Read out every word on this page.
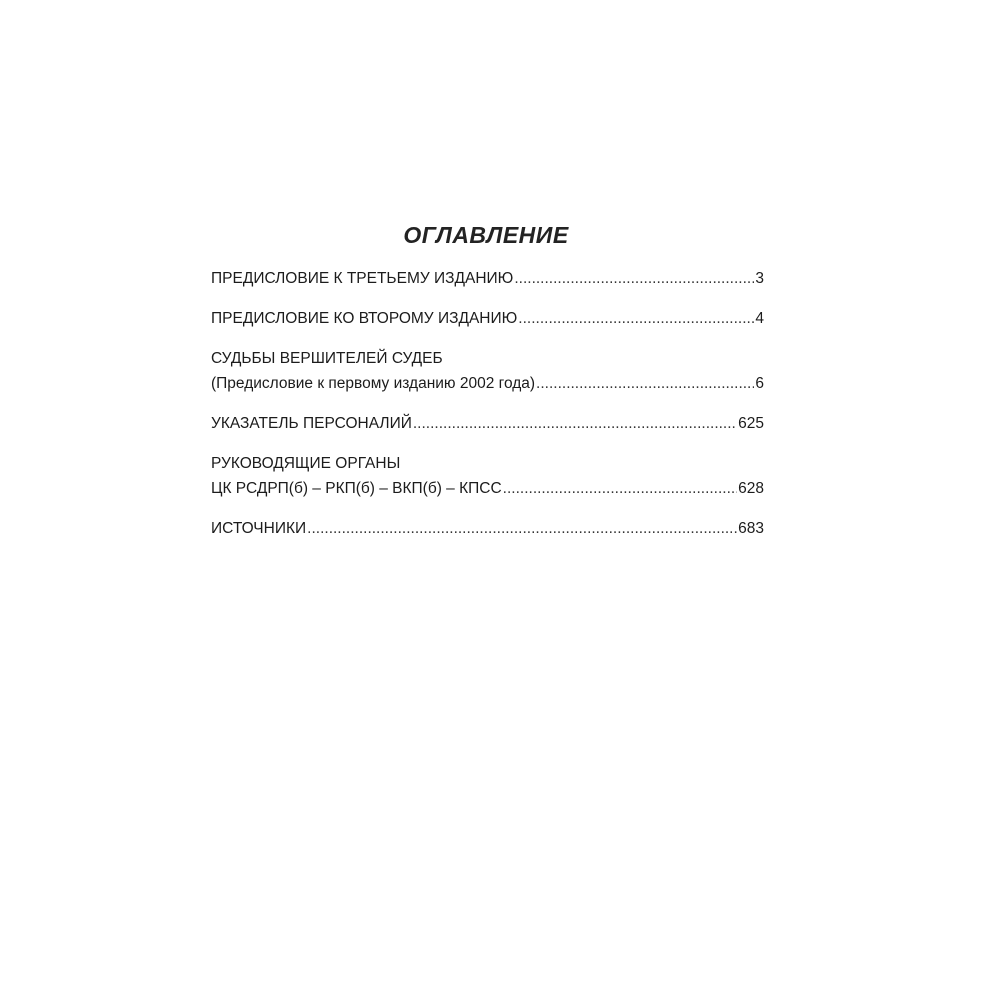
ОГЛАВЛЕНИЕ
ПРЕДИСЛОВИЕ К ТРЕТЬЕМУ ИЗДАНИЮ .....	3
ПРЕДИСЛОВИЕ КО ВТОРОМУ ИЗДАНИЮ .....	4
СУДЬБЫ ВЕРШИТЕЛЕЙ СУДЕБ
(Предисловие к первому изданию 2002 года) .....	6
УКАЗАТЕЛЬ ПЕРСОНАЛИЙ .....	625
РУКОВОДЯЩИЕ ОРГАНЫ
ЦК РСДРП(б) – РКП(б) – ВКП(б) – КПСС .....	628
ИСТОЧНИКИ .....	683
